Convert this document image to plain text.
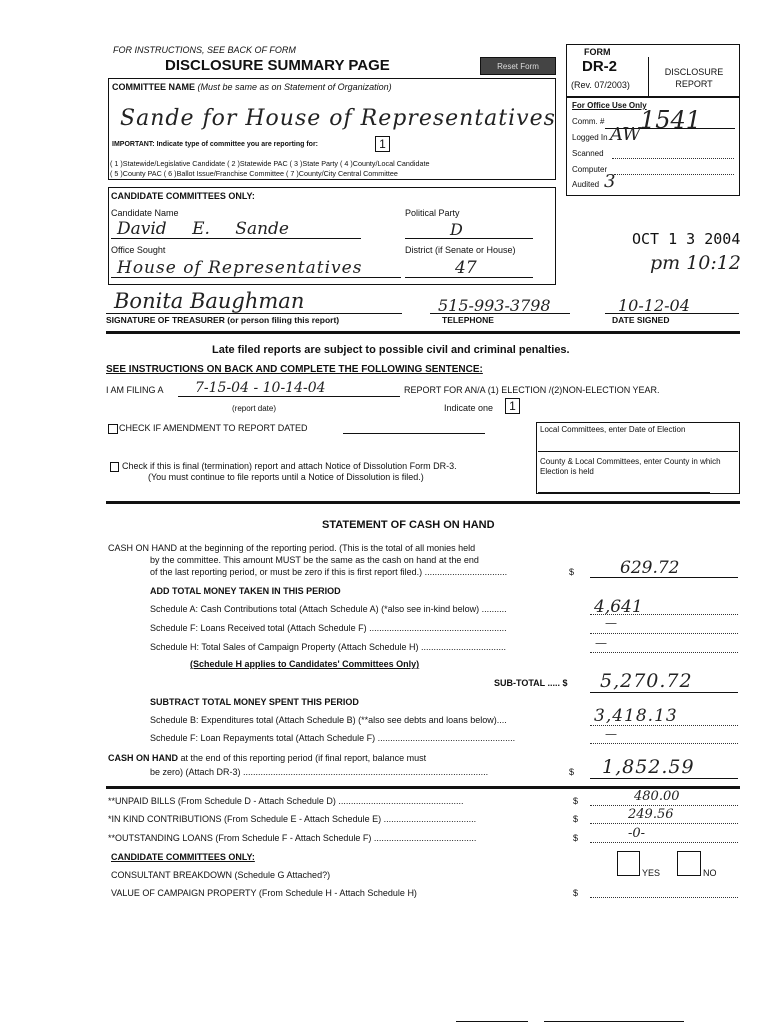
FOR INSTRUCTIONS, SEE BACK OF FORM
DISCLOSURE SUMMARY PAGE	Reset Form
FORM
DR-2
(Rev. 07/2003)
DISCLOSURE REPORT
For Office Use Only
Comm. # 1541
Logged In AW
Scanned
Computer
Audited 3
COMMITTEE NAME (Must be same as on Statement of Organization)
Sande for House of Representatives
IMPORTANT: Indicate type of committee you are reporting for:	1
( 1 )Statewide/Legislative Candidate ( 2 )Statewide PAC ( 3 )State Party ( 4 )County/Local Candidate
( 5 )County PAC ( 6 )Ballot Issue/Franchise Committee ( 7 )County/City Central Committee
CANDIDATE COMMITTEES ONLY:
Candidate Name
David E. Sande
Political Party
D
Office Sought
House of Representatives
District (if Senate or House)
47
OCT 1 3 2004
pm 10:12
Bonita Baughman
SIGNATURE OF TREASURER (or person filing this report)
515-993-3798
TELEPHONE
10-12-04
DATE SIGNED
Late filed reports are subject to possible civil and criminal penalties.
SEE INSTRUCTIONS ON BACK AND COMPLETE THE FOLLOWING SENTENCE:
I AM FILING A 7-15-04 - 10-14-04	REPORT FOR AN/A (1) ELECTION /(2)NON-ELECTION YEAR.
(report date)	Indicate one	1
CHECK IF AMENDMENT TO REPORT DATED	Local Committees, enter Date of Election
County & Local Committees, enter County in which Election is held
Check if this is final (termination) report and attach Notice of Dissolution Form DR-3.
(You must continue to file reports until a Notice of Dissolution is filed.)
STATEMENT OF CASH ON HAND
CASH ON HAND at the beginning of the reporting period. (This is the total of all monies held
by the committee. This amount MUST be the same as the cash on hand at the end
of the last reporting period, or must be zero if this is first report filed.) .................................	$	629.72
ADD TOTAL MONEY TAKEN IN THIS PERIOD
Schedule A: Cash Contributions total (Attach Schedule A) (*also see in-kind below) ..........	4,641
Schedule F: Loans Received total (Attach Schedule F) .......................................................	—
Schedule H: Total Sales of Campaign Property (Attach Schedule H) ..................................	—
(Schedule H applies to Candidates' Committees Only)
SUB-TOTAL ..... $ 5,270.72
SUBTRACT TOTAL MONEY SPENT THIS PERIOD
Schedule B: Expenditures total (Attach Schedule B) (**also see debts and loans below)....	3,418.13
Schedule F: Loan Repayments total (Attach Schedule F) .......................................................	—
CASH ON HAND at the end of this reporting period (if final report, balance must
be zero) (Attach DR-3) ..................................................................................................	$ 1,852.59
**UNPAID BILLS (From Schedule D - Attach Schedule D) ..................................................	$	480.00
*IN KIND CONTRIBUTIONS (From Schedule E - Attach Schedule E) .....................................	$	249.56
**OUTSTANDING LOANS (From Schedule F - Attach Schedule F) .........................................	$	-0-
CANDIDATE COMMITTEES ONLY:
CONSULTANT BREAKDOWN (Schedule G Attached?)	YES	NO
VALUE OF CAMPAIGN PROPERTY (From Schedule H - Attach Schedule H)	$
